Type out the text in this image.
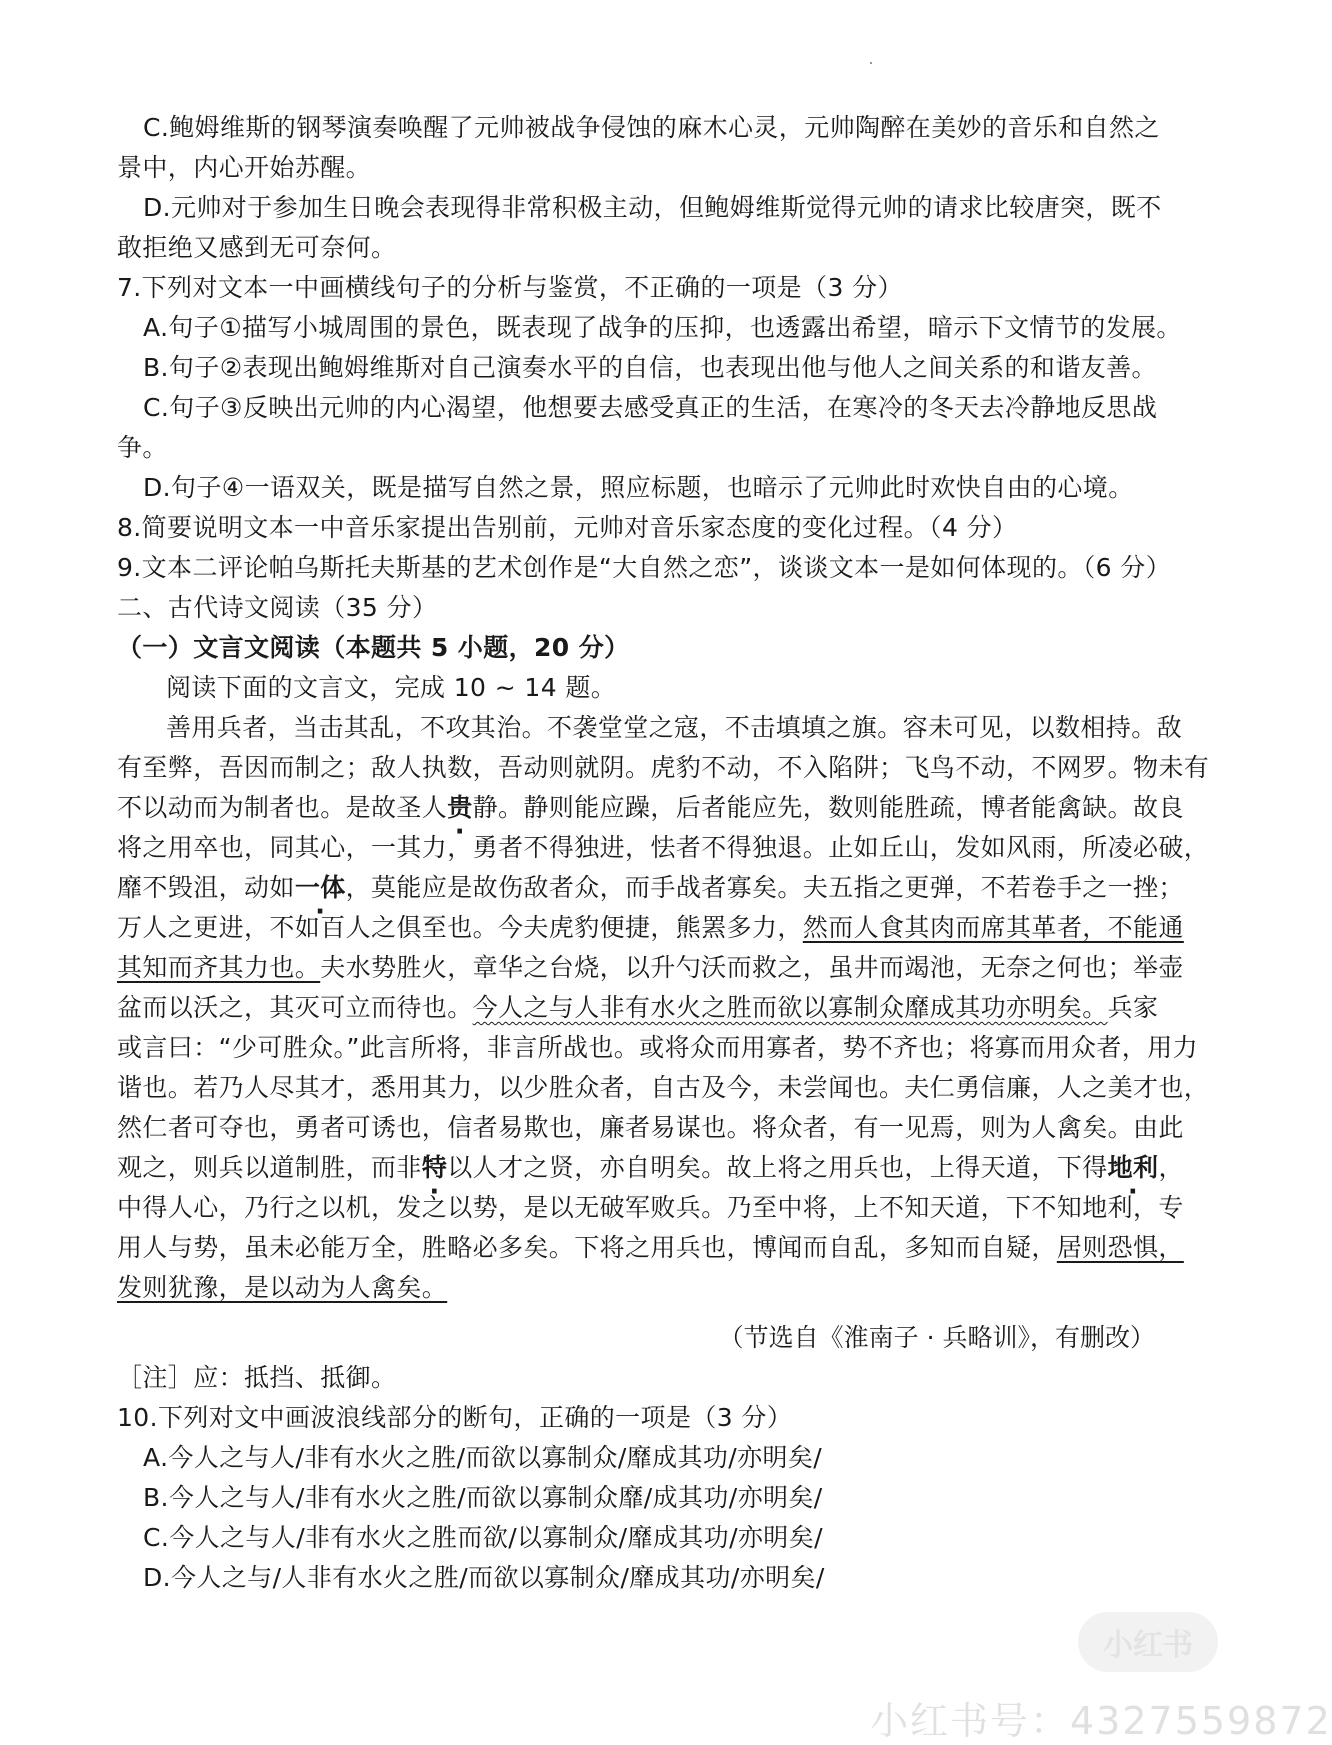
C.鲍姆维斯的钢琴演奏唤醒了元帅被战争侵蚀的麻木心灵，元帅陶醉在美妙的音乐和自然之
景中，内心开始苏醒。
D.元帅对于参加生日晚会表现得非常积极主动，但鲍姆维斯觉得元帅的请求比较唐突，既不
敢拒绝又感到无可奈何。
7.下列对文本一中画横线句子的分析与鉴赏，不正确的一项是（3 分）
A.句子①描写小城周围的景色，既表现了战争的压抑，也透露出希望，暗示下文情节的发展。
B.句子②表现出鲍姆维斯对自己演奏水平的自信，也表现出他与他人之间关系的和谐友善。
C.句子③反映出元帅的内心渴望，他想要去感受真正的生活，在寒冷的冬天去冷静地反思战
争。
D.句子④一语双关，既是描写自然之景，照应标题，也暗示了元帅此时欢快自由的心境。
8.简要说明文本一中音乐家提出告别前，元帅对音乐家态度的变化过程。（4 分）
9.文本二评论帕乌斯托夫斯基的艺术创作是“大自然之恋”，谈谈文本一是如何体现的。（6 分）
二、古代诗文阅读（35 分）
（一）文言文阅读（本题共 5 小题，20 分）
阅读下面的文言文，完成 10 ~ 14 题。
善用兵者，当击其乱，不攻其治。不袭堂堂之寇，不击填填之旗。容未可见，以数相持。敌
有至弊，吾因而制之；敌人执数，吾动则就阴。虎豹不动，不入陷阱；飞鸟不动，不网罗。物未有
不以动而为制者也。是故圣人贵静。静则能应躁，后者能应先，数则能胜疏，博者能禽缺。故良
将之用卒也，同其心，一其力，勇者不得独进，怯者不得独退。止如丘山，发如风雨，所凌必破，
靡不毁沮，动如一体，莫能应是故伤敌者众，而手战者寡矣。夫五指之更弹，不若卷手之一挫；
万人之更进，不如百人之俱至也。今夫虎豹便捷，熊罴多力，然而人食其肉而席其革者，不能通
其知而齐其力也。夫水势胜火，章华之台烧，以升勺沃而救之，虽井而竭池，无奈之何也；举壶
盆而以沃之，其灭可立而待也。今人之与人非有水火之胜而欲以寡制众靡成其功亦明矣。兵家
或言曰：“少可胜众。”此言所将，非言所战也。或将众而用寡者，势不齐也；将寡而用众者，用力
谐也。若乃人尽其才，悉用其力，以少胜众者，自古及今，未尝闻也。夫仁勇信廉，人之美才也，
然仁者可夺也，勇者可诱也，信者易欺也，廉者易谋也。将众者，有一见焉，则为人禽矣。由此
观之，则兵以道制胜，而非特以人才之贤，亦自明矣。故上将之用兵也，上得天道，下得地利，
中得人心，乃行之以机，发之以势，是以无破军败兵。乃至中将，上不知天道，下不知地利，专
用人与势，虽未必能万全，胜略必多矣。下将之用兵也，博闻而自乱，多知而自疑，居则恐惧，
发则犹豫，是以动为人禽矣。
（节选自《淮南子 · 兵略训》，有删改）
［注］应：抵挡、抵御。
10.下列对文中画波浪线部分的断句，正确的一项是（3 分）
A.今人之与人/非有水火之胜/而欲以寡制众/靡成其功/亦明矣/
B.今人之与人/非有水火之胜/而欲以寡制众靡/成其功/亦明矣/
C.今人之与人/非有水火之胜而欲/以寡制众/靡成其功/亦明矣/
D.今人之与/人非有水火之胜/而欲以寡制众/靡成其功/亦明矣/
小红书
小红书号：4327559872
